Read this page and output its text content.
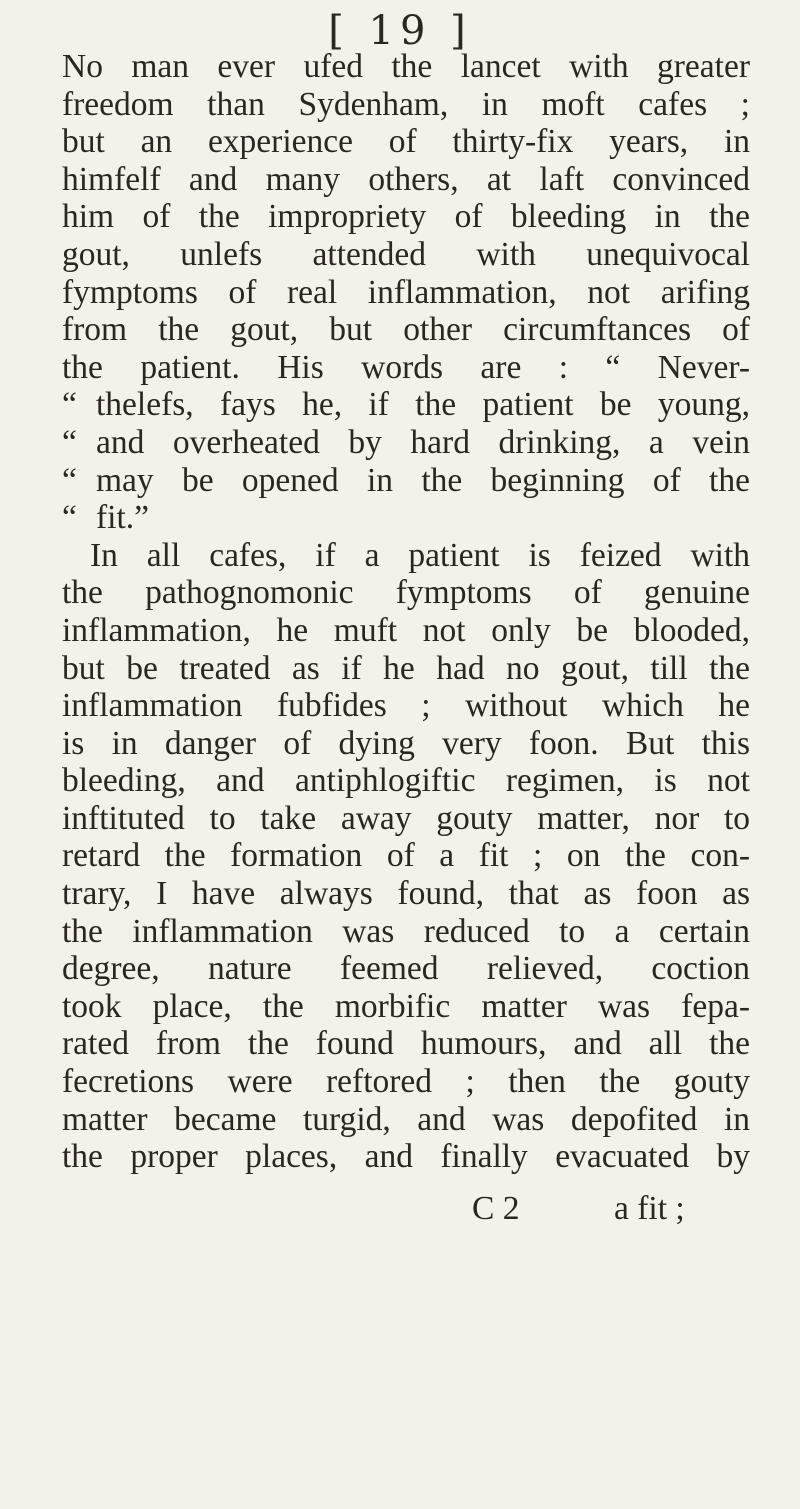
[ 19 ]
No man ever ufed the lancet with greater
freedom than Sydenham, in moft cafes ;
but an experience of thirty-fix years, in
himfelf and many others, at laft convinced
him of the impropriety of bleeding in the
gout, unlefs attended with unequivocal
fymptoms of real inflammation, not arifing
from the gout, but other circumftances of
the patient. His words are : “ Never-
“ thelefs, fays he, if the patient be young,
“ and overheated by hard drinking, a vein
“ may be opened in the beginning of the
“ fit.”
In all cafes, if a patient is feized with
the pathognomonic fymptoms of genuine
inflammation, he muft not only be blooded,
but be treated as if he had no gout, till the
inflammation fubfides ; without which he
is in danger of dying very foon. But this
bleeding, and antiphlogiftic regimen, is not
inftituted to take away gouty matter, nor to
retard the formation of a fit ; on the con-
trary, I have always found, that as foon as
the inflammation was reduced to a certain
degree, nature feemed relieved, coction
took place, the morbific matter was fepa-
rated from the found humours, and all the
fecretions were reftored ; then the gouty
matter became turgid, and was depofited in
the proper places, and finally evacuated by
C 2	a fit ;
